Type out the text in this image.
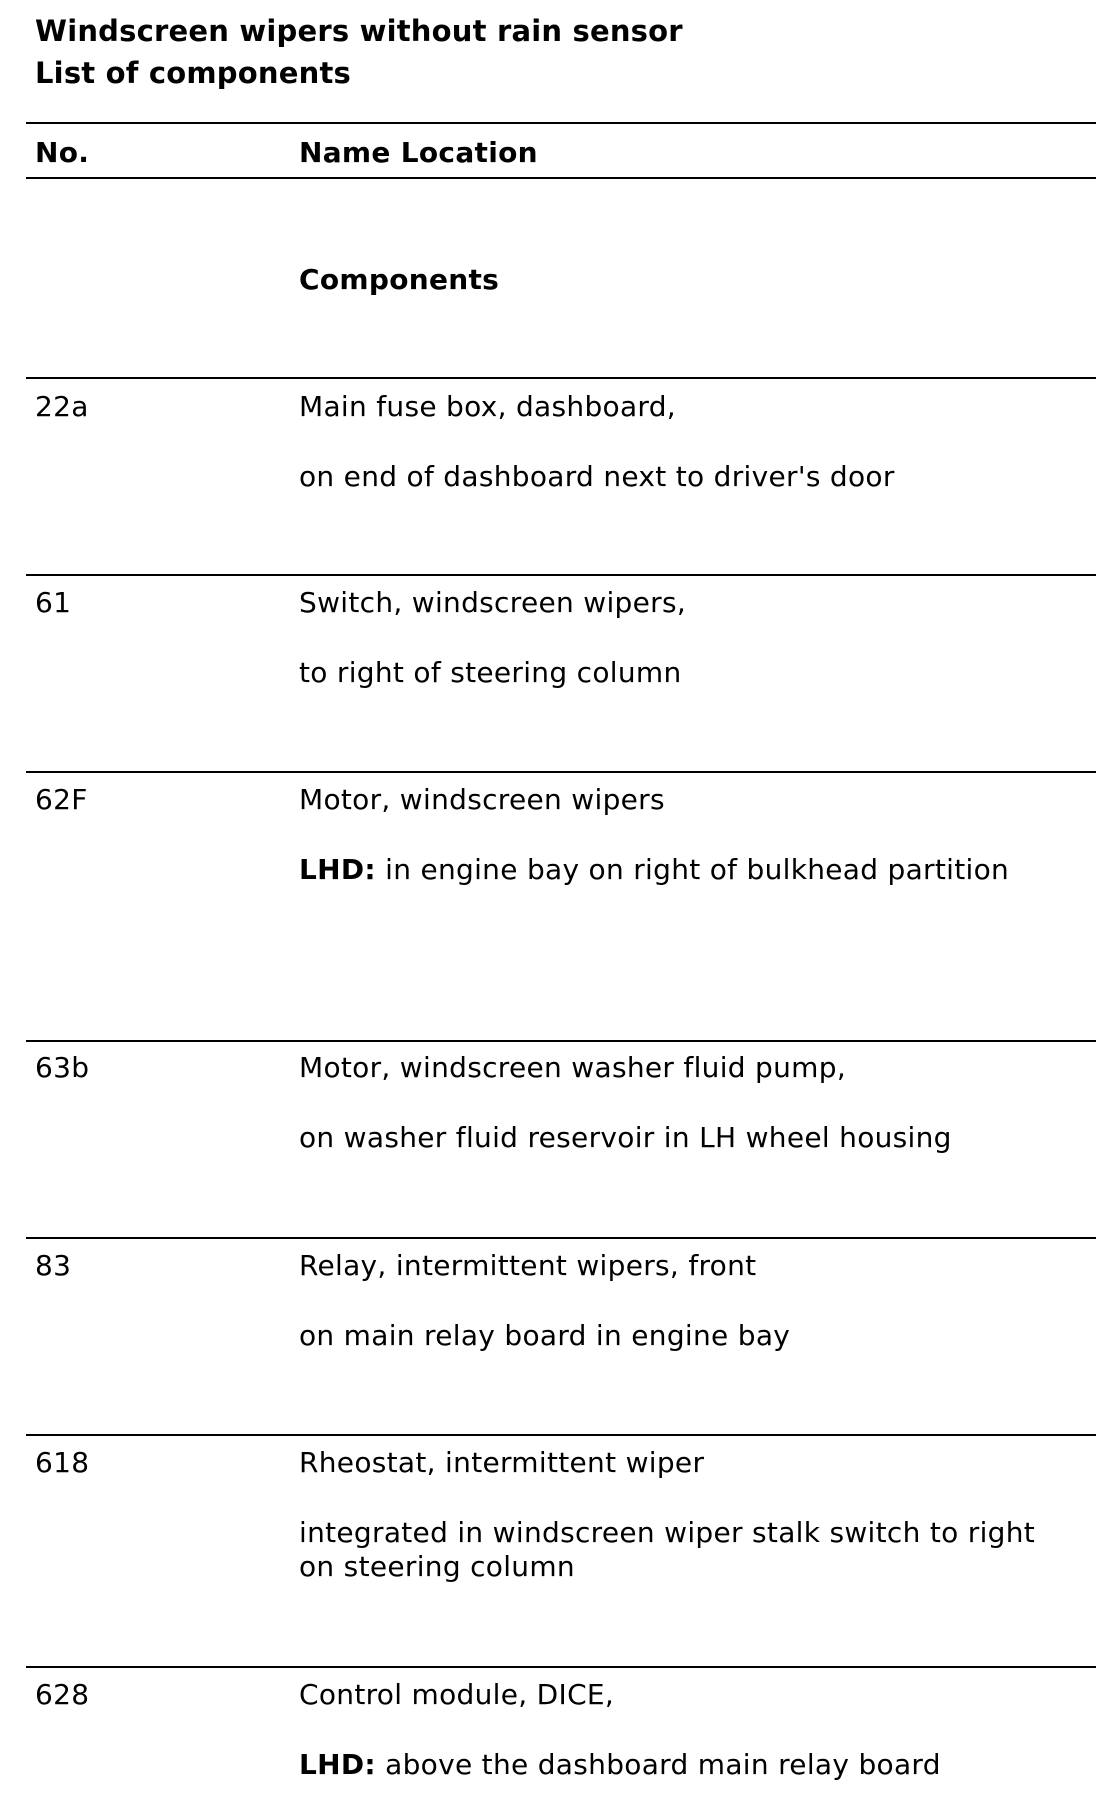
Windscreen wipers without rain sensor
List of components
No.	Name Location
Components
22a	Main fuse box, dashboard,
on end of dashboard next to driver's door
61	Switch, windscreen wipers,
to right of steering column
62F	Motor, windscreen wipers
LHD: in engine bay on right of bulkhead partition
63b	Motor, windscreen washer fluid pump,
on washer fluid reservoir in LH wheel housing
83	Relay, intermittent wipers, front
on main relay board in engine bay
618	Rheostat, intermittent wiper
integrated in windscreen wiper stalk switch to right on steering column
628	Control module, DICE,
LHD: above the dashboard main relay board
